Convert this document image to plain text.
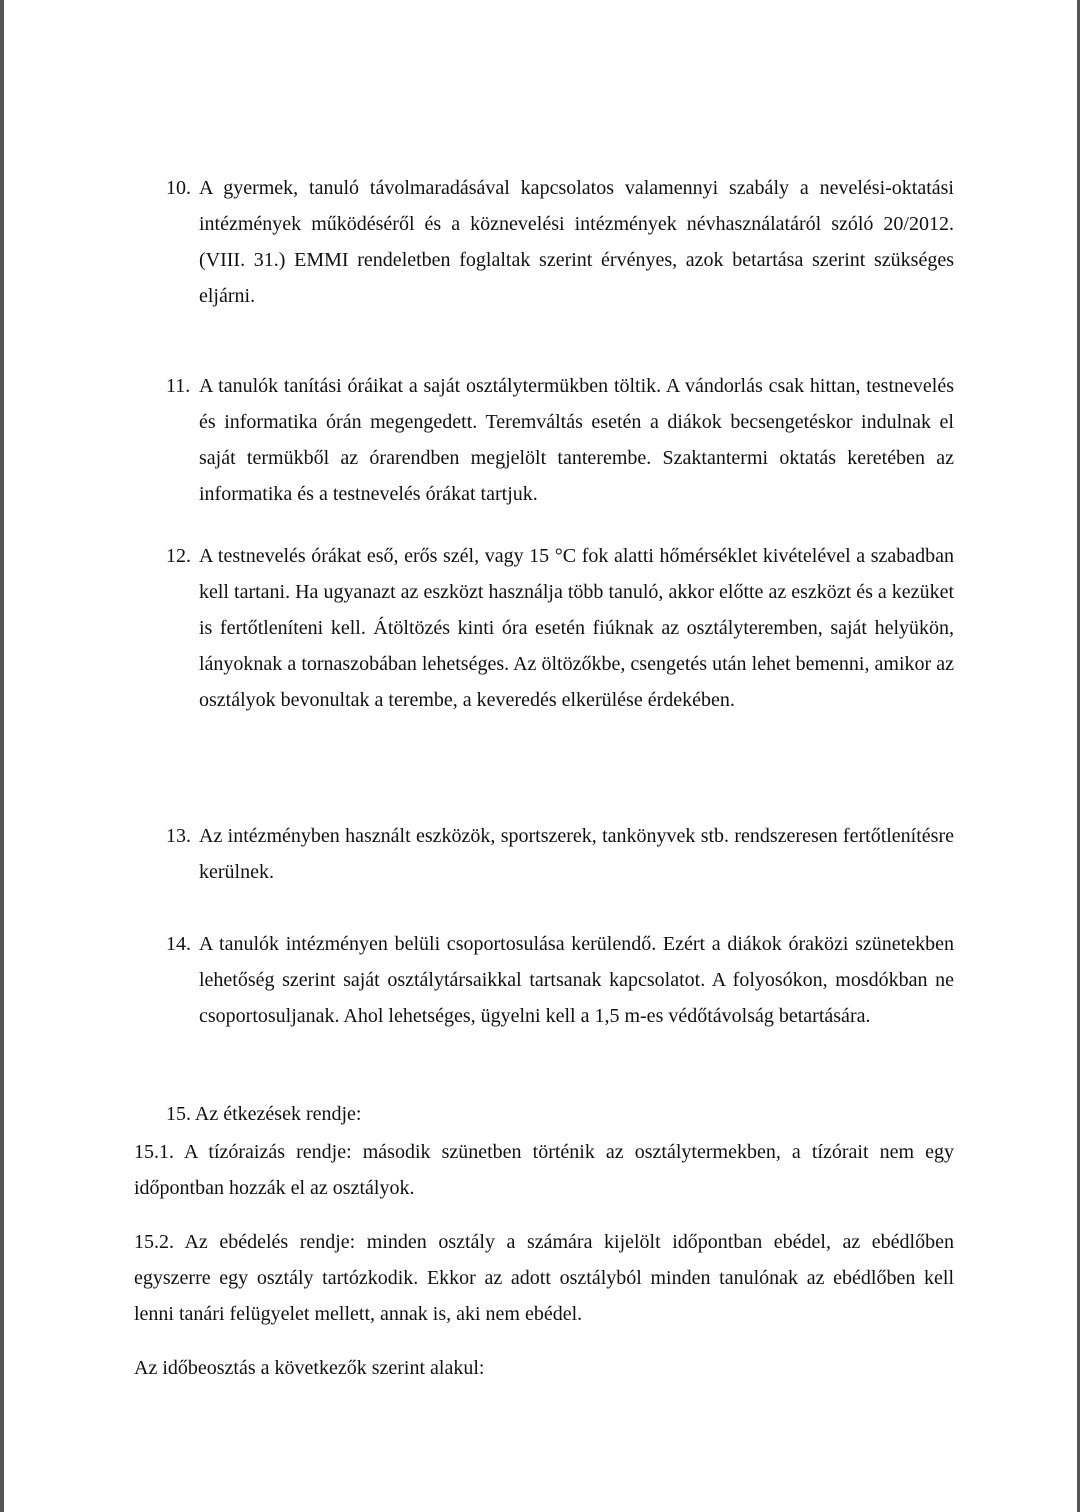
10. A gyermek, tanuló távolmaradásával kapcsolatos valamennyi szabály a nevelési-oktatási intézmények működéséről és a köznevelési intézmények névhasználatáról szóló 20/2012. (VIII. 31.) EMMI rendeletben foglaltak szerint érvényes, azok betartása szerint szükséges eljárni.
11. A tanulók tanítási óráikat a saját osztálytermükben töltik. A vándorlás csak hittan, testnevelés és informatika órán megengedett. Teremváltás esetén a diákok becsengetéskor indulnak el saját termükből az órarendben megjelölt tanterembe. Szaktantermi oktatás keretében az informatika és a testnevelés órákat tartjuk.
12. A testnevelés órákat eső, erős szél, vagy 15 °C fok alatti hőmérséklet kivételével a szabadban kell tartani. Ha ugyanazt az eszközt használja több tanuló, akkor előtte az eszközt és a kezüket is fertőtleníteni kell. Átöltözés kinti óra esetén fiúknak az osztályteremben, saját helyükön, lányoknak a tornaszobában lehetséges. Az öltözőkbe, csengetés után lehet bemenni, amikor az osztályok bevonultak a terembe, a keveredés elkerülése érdekében.
13. Az intézményben használt eszközök, sportszerek, tankönyvek stb. rendszeresen fertőtlenítésre kerülnek.
14. A tanulók intézményen belüli csoportosulása kerülendő. Ezért a diákok óraközi szünetekben lehetőség szerint saját osztálytársaikkal tartsanak kapcsolatot. A folyosókon, mosdókban ne csoportosuljanak. Ahol lehetséges, ügyelni kell a 1,5 m-es védőtávolság betartására.
15. Az étkezések rendje:
15.1. A tízóraizás rendje: második szünetben történik az osztálytermekben, a tízórait nem egy időpontban hozzák el az osztályok.
15.2. Az ebédelés rendje: minden osztály a számára kijelölt időpontban ebédel, az ebédlőben egyszerre egy osztály tartózkodik. Ekkor az adott osztályból minden tanulónak az ebédlőben kell lenni tanári felügyelet mellett, annak is, aki nem ebédel.
Az időbeosztás a következők szerint alakul:
